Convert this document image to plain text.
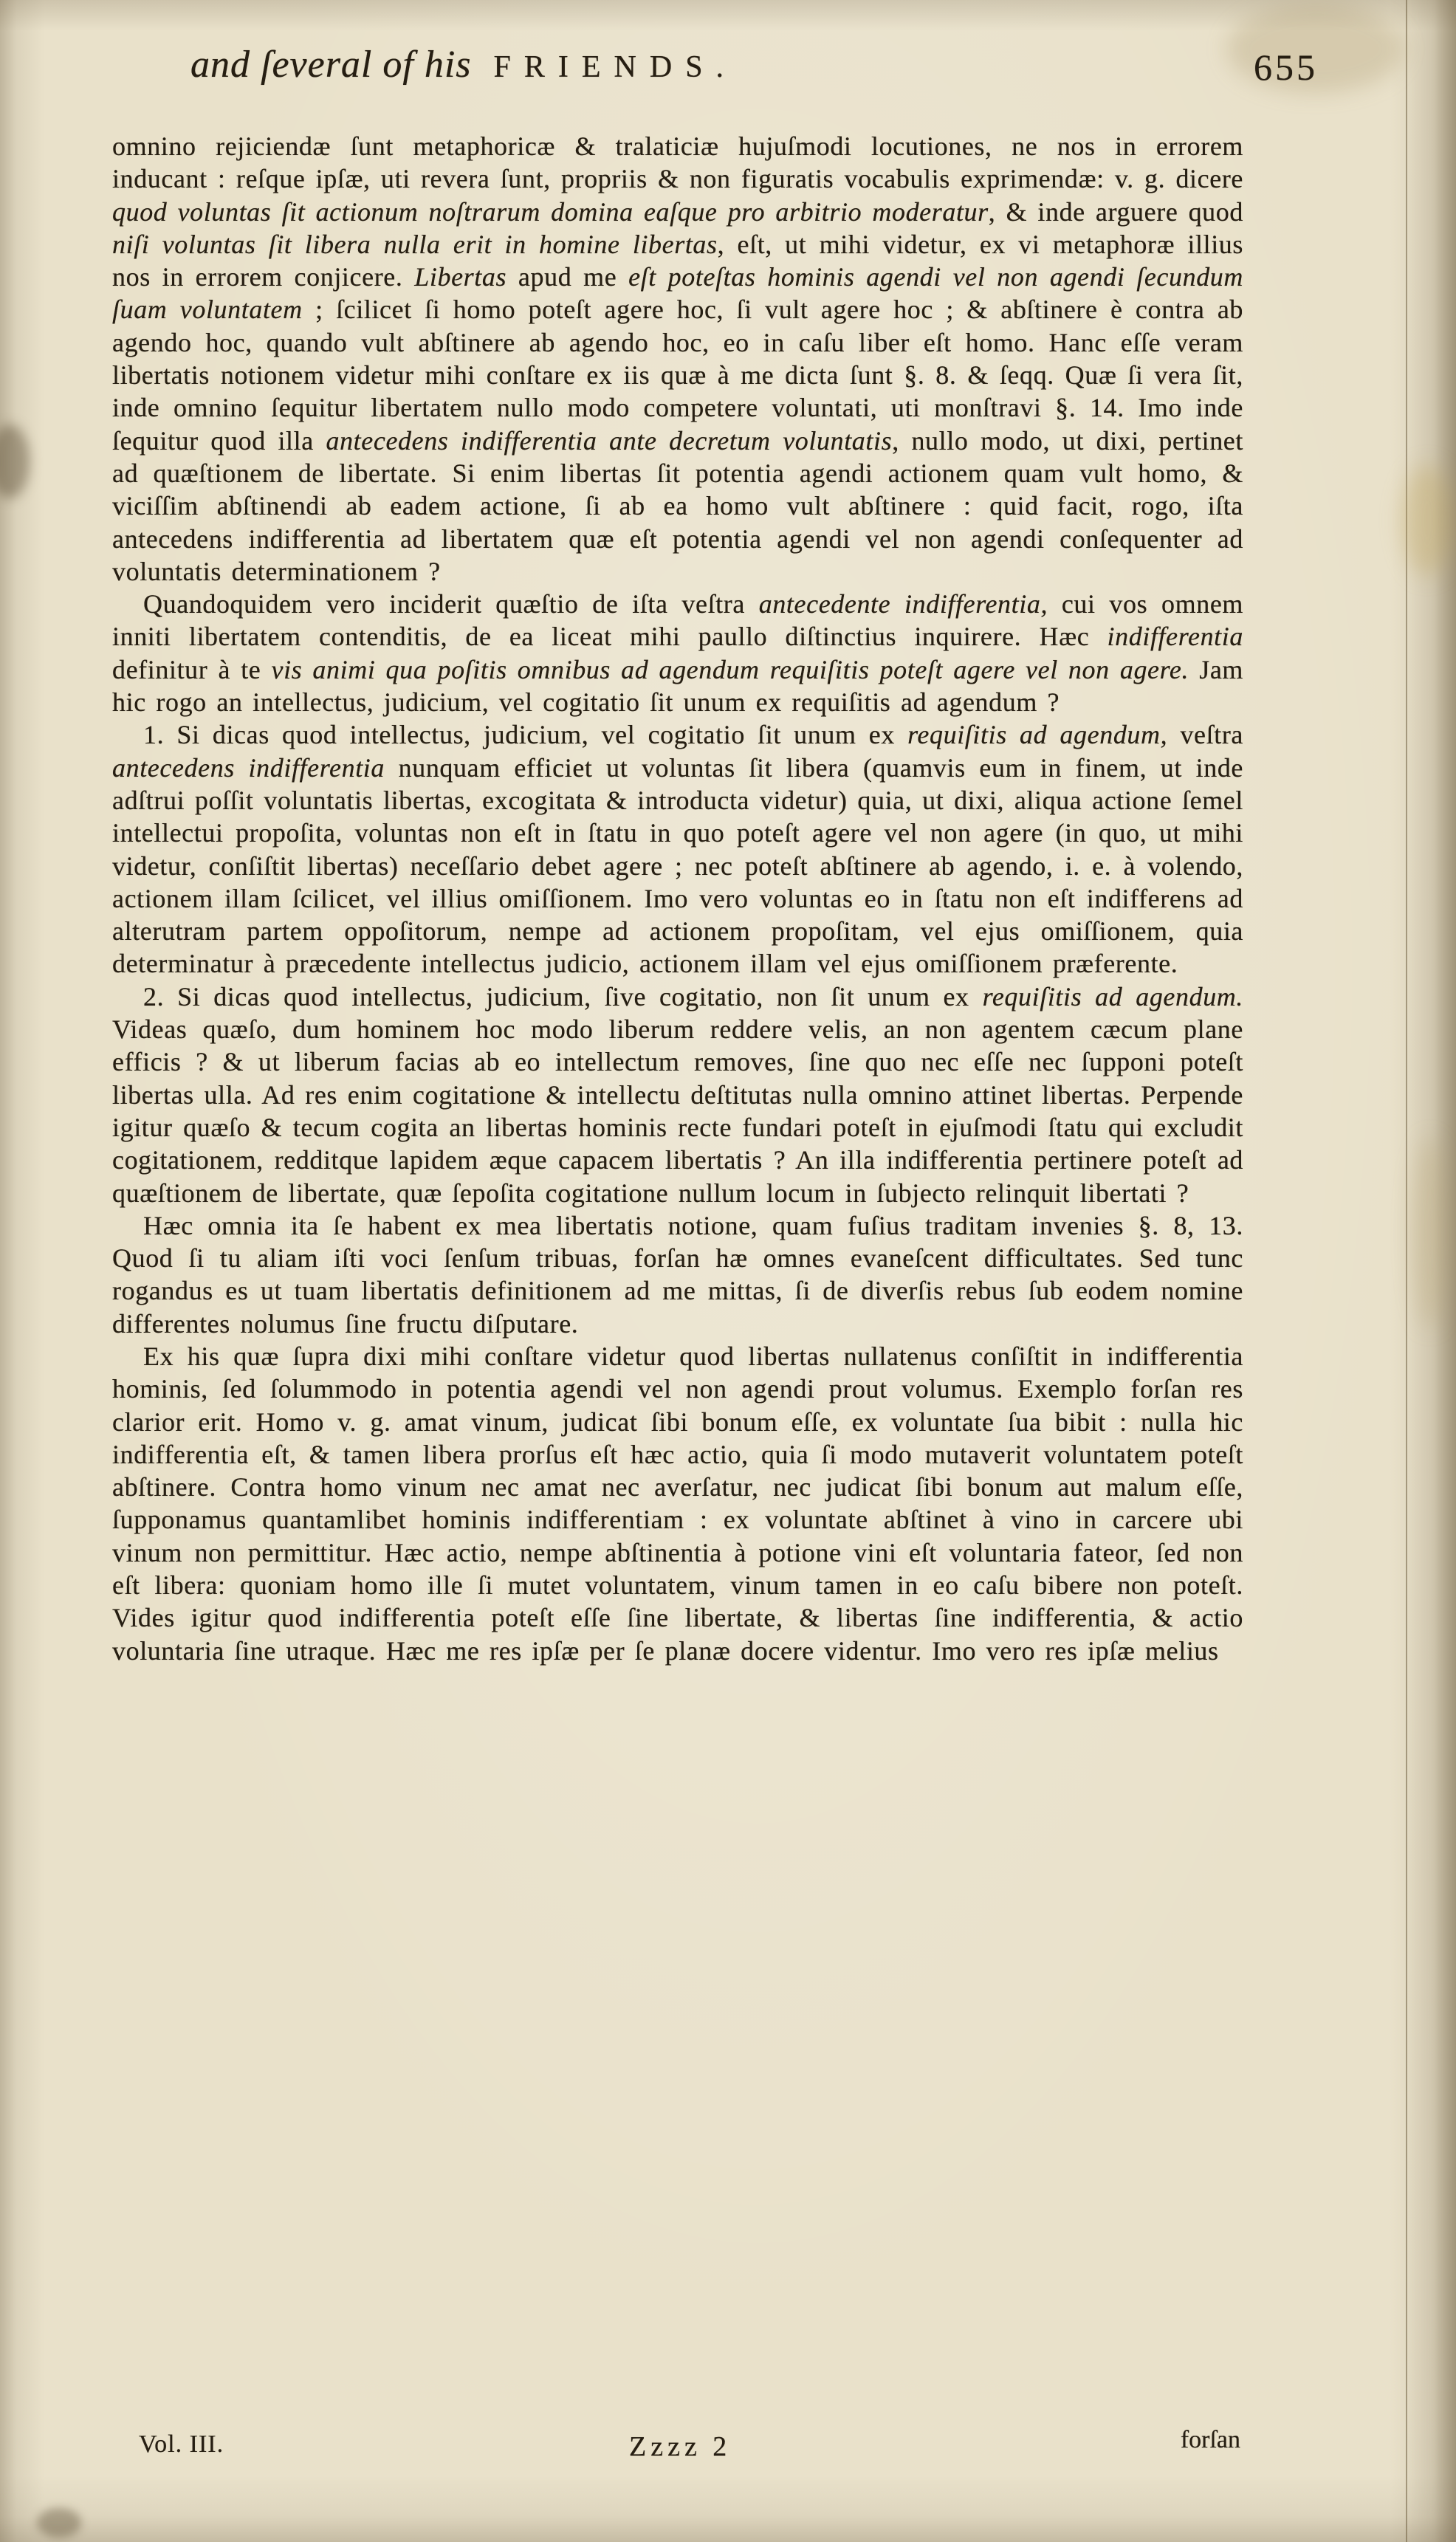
and ſeveral of his FRIENDS.	655

omnino rejiciendæ ſunt metaphoricæ & tralaticiæ hujuſmodi locutiones, ne nos in errorem inducant : reſque ipſæ, uti revera ſunt, propriis & non figuratis vocabulis exprimendæ: v. g. dicere quod voluntas ſit actionum noſtrarum domina eaſque pro arbitrio moderatur, & inde arguere quod niſi voluntas ſit libera nulla erit in homine libertas, eſt, ut mihi videtur, ex vi metaphoræ illius nos in errorem conjicere. Libertas apud me eſt poteſtas hominis agendi vel non agendi ſecundum ſuam voluntatem ; ſcilicet ſi homo poteſt agere hoc, ſi vult agere hoc ; & abſtinere è contra ab agendo hoc, quando vult abſtinere ab agendo hoc, eo in caſu liber eſt homo. Hanc eſſe veram libertatis notionem videtur mihi conſtare ex iis quæ à me dicta ſunt §. 8. & ſeqq. Quæ ſi vera ſit, inde omnino ſequitur libertatem nullo modo competere voluntati, uti monſtravi §. 14. Imo inde ſequitur quod illa antecedens indifferentia ante decretum voluntatis, nullo modo, ut dixi, pertinet ad quæſtionem de libertate. Si enim libertas ſit potentia agendi actionem quam vult homo, & viciſſim abſtinendi ab eadem actione, ſi ab ea homo vult abſtinere : quid facit, rogo, iſta antecedens indifferentia ad libertatem quæ eſt potentia agendi vel non agendi conſequenter ad voluntatis determinationem ?

Quandoquidem vero inciderit quæſtio de iſta veſtra antecedente indifferentia, cui vos omnem inniti libertatem contenditis, de ea liceat mihi paullo diſtinctius inquirere. Hæc indifferentia definitur à te vis animi qua poſitis omnibus ad agendum requiſitis poteſt agere vel non agere. Jam hic rogo an intellectus, judicium, vel cogitatio ſit unum ex requiſitis ad agendum ?

1. Si dicas quod intellectus, judicium, vel cogitatio ſit unum ex requiſitis ad agendum, veſtra antecedens indifferentia nunquam efficiet ut voluntas ſit libera (quamvis eum in finem, ut inde adſtrui poſſit voluntatis libertas, excogitata & introducta videtur) quia, ut dixi, aliqua actione ſemel intellectui propoſita, voluntas non eſt in ſtatu in quo poteſt agere vel non agere (in quo, ut mihi videtur, conſiſtit libertas) neceſſario debet agere ; nec poteſt abſtinere ab agendo, i. e. à volendo, actionem illam ſcilicet, vel illius omiſſionem. Imo vero voluntas eo in ſtatu non eſt indifferens ad alterutram partem oppoſitorum, nempe ad actionem propoſitam, vel ejus omiſſionem, quia determinatur à præcedente intellectus judicio, actionem illam vel ejus omiſſionem præferente.

2. Si dicas quod intellectus, judicium, ſive cogitatio, non ſit unum ex requiſitis ad agendum. Videas quæſo, dum hominem hoc modo liberum reddere velis, an non agentem cæcum plane efficis ? & ut liberum facias ab eo intellectum removes, ſine quo nec eſſe nec ſupponi poteſt libertas ulla. Ad res enim cogitatione & intellectu deſtitutas nulla omnino attinet libertas. Perpende igitur quæſo & tecum cogita an libertas hominis recte fundari poteſt in ejuſmodi ſtatu qui excludit cogitationem, redditque lapidem æque capacem libertatis ? An illa indifferentia pertinere poteſt ad quæſtionem de libertate, quæ ſepoſita cogitatione nullum locum in ſubjecto relinquit libertati ?

Hæc omnia ita ſe habent ex mea libertatis notione, quam fuſius traditam invenies §. 8, 13. Quod ſi tu aliam iſti voci ſenſum tribuas, forſan hæ omnes evaneſcent difficultates. Sed tunc rogandus es ut tuam libertatis definitionem ad me mittas, ſi de diverſis rebus ſub eodem nomine differentes nolumus ſine fructu diſputare.

Ex his quæ ſupra dixi mihi conſtare videtur quod libertas nullatenus conſiſtit in indifferentia hominis, ſed ſolummodo in potentia agendi vel non agendi prout volumus. Exemplo forſan res clarior erit. Homo v. g. amat vinum, judicat ſibi bonum eſſe, ex voluntate ſua bibit : nulla hic indifferentia eſt, & tamen libera prorſus eſt hæc actio, quia ſi modo mutaverit voluntatem poteſt abſtinere. Contra homo vinum nec amat nec averſatur, nec judicat ſibi bonum aut malum eſſe, ſupponamus quantamlibet hominis indifferentiam : ex voluntate abſtinet à vino in carcere ubi vinum non permittitur. Hæc actio, nempe abſtinentia à potione vini eſt voluntaria fateor, ſed non eſt libera: quoniam homo ille ſi mutet voluntatem, vinum tamen in eo caſu bibere non poteſt. Vides igitur quod indifferentia poteſt eſſe ſine libertate, & libertas ſine indifferentia, & actio voluntaria ſine utraque. Hæc me res ipſæ per ſe planæ docere videntur. Imo vero res ipſæ melius

Vol. III.	Zzzz 2	forſan
